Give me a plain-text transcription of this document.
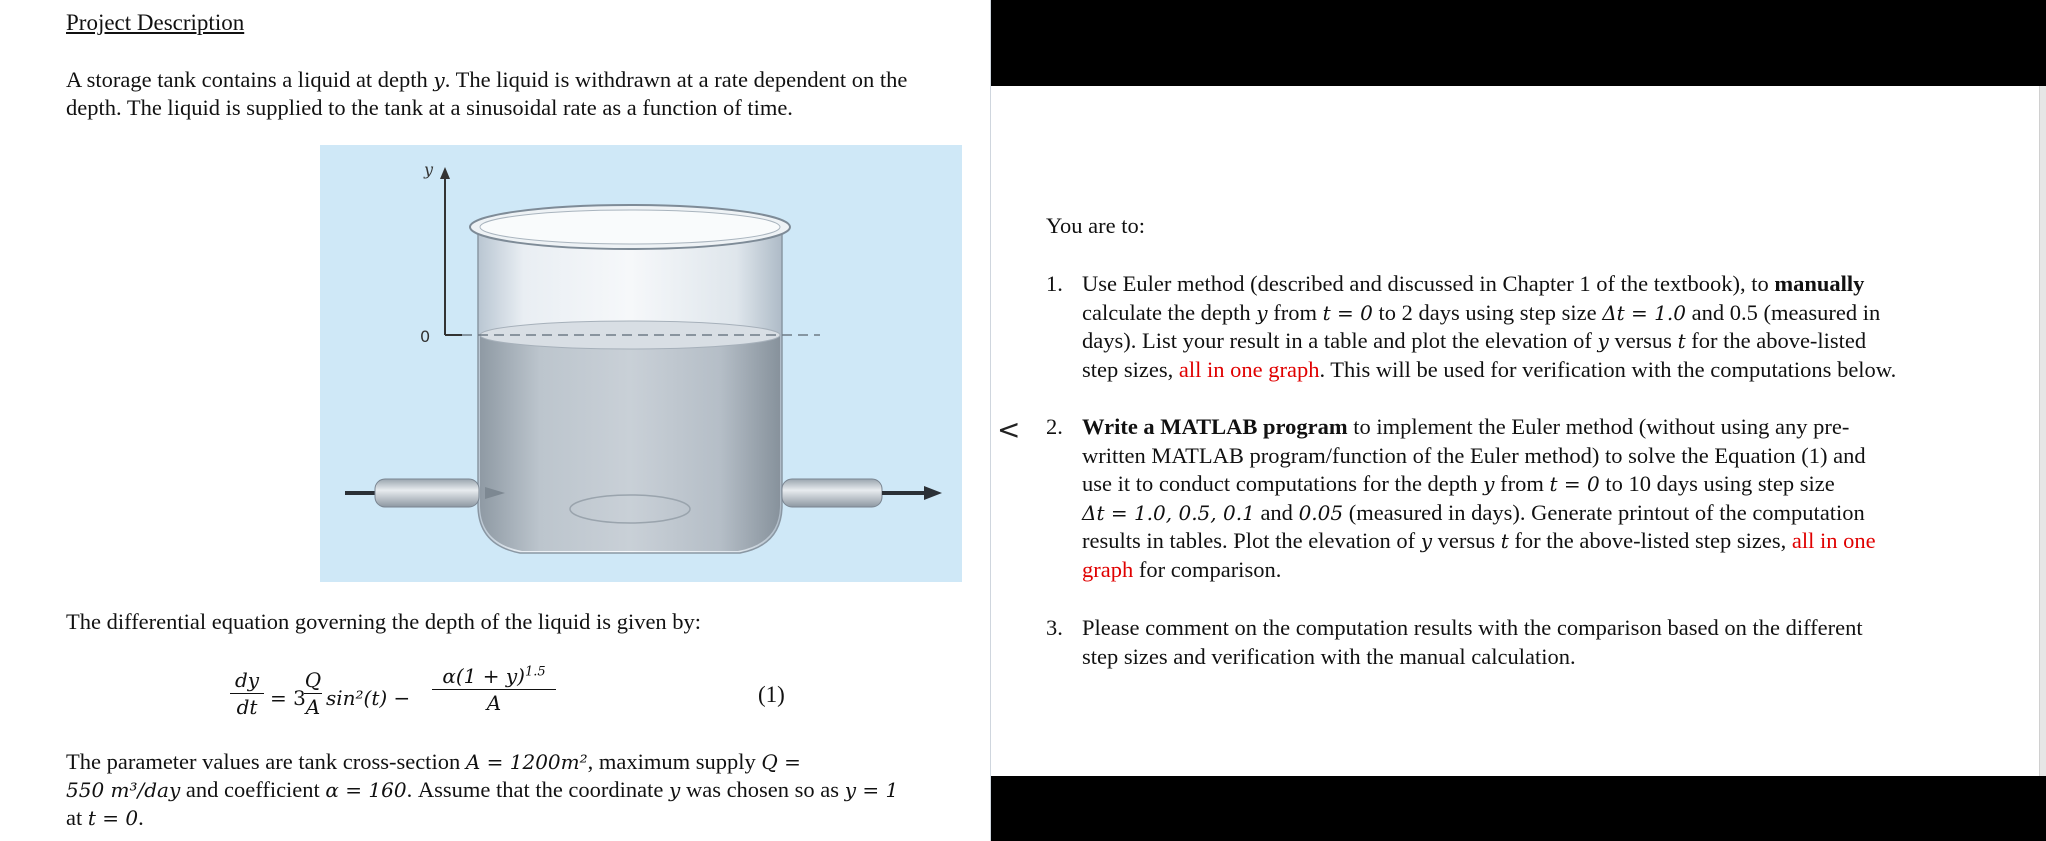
Project Description
A storage tank contains a liquid at depth y. The liquid is withdrawn at a rate dependent on the
depth. The liquid is supplied to the tank at a sinusoidal rate as a function of time.
y
0
The differential equation governing the depth of the liquid is given by:
dy
dt = 3
Q
A sin²(t) −
$\alpha(1 + y)^{1.5}$
A	(1)
The parameter values are tank cross-section A = 1200m², maximum supply Q =
550 m³/day and coefficient α = 160. Assume that the coordinate y was chosen so as y = 1
at t = 0.
<
You are to:
1. Use Euler method (described and discussed in Chapter 1 of the textbook), to manually
calculate the depth y from t = 0 to 2 days using step size Δt = 1.0 and 0.5 (measured in
days). List your result in a table and plot the elevation of y versus t for the above-listed
step sizes, all in one graph. This will be used for verification with the computations below.
2. Write a MATLAB program to implement the Euler method (without using any pre-
written MATLAB program/function of the Euler method) to solve the Equation (1) and
use it to conduct computations for the depth y from t = 0 to 10 days using step size
Δt = 1.0, 0.5, 0.1 and 0.05 (measured in days). Generate printout of the computation
results in tables. Plot the elevation of y versus t for the above-listed step sizes, all in one
graph for comparison.
3. Please comment on the computation results with the comparison based on the different
step sizes and verification with the manual calculation.
